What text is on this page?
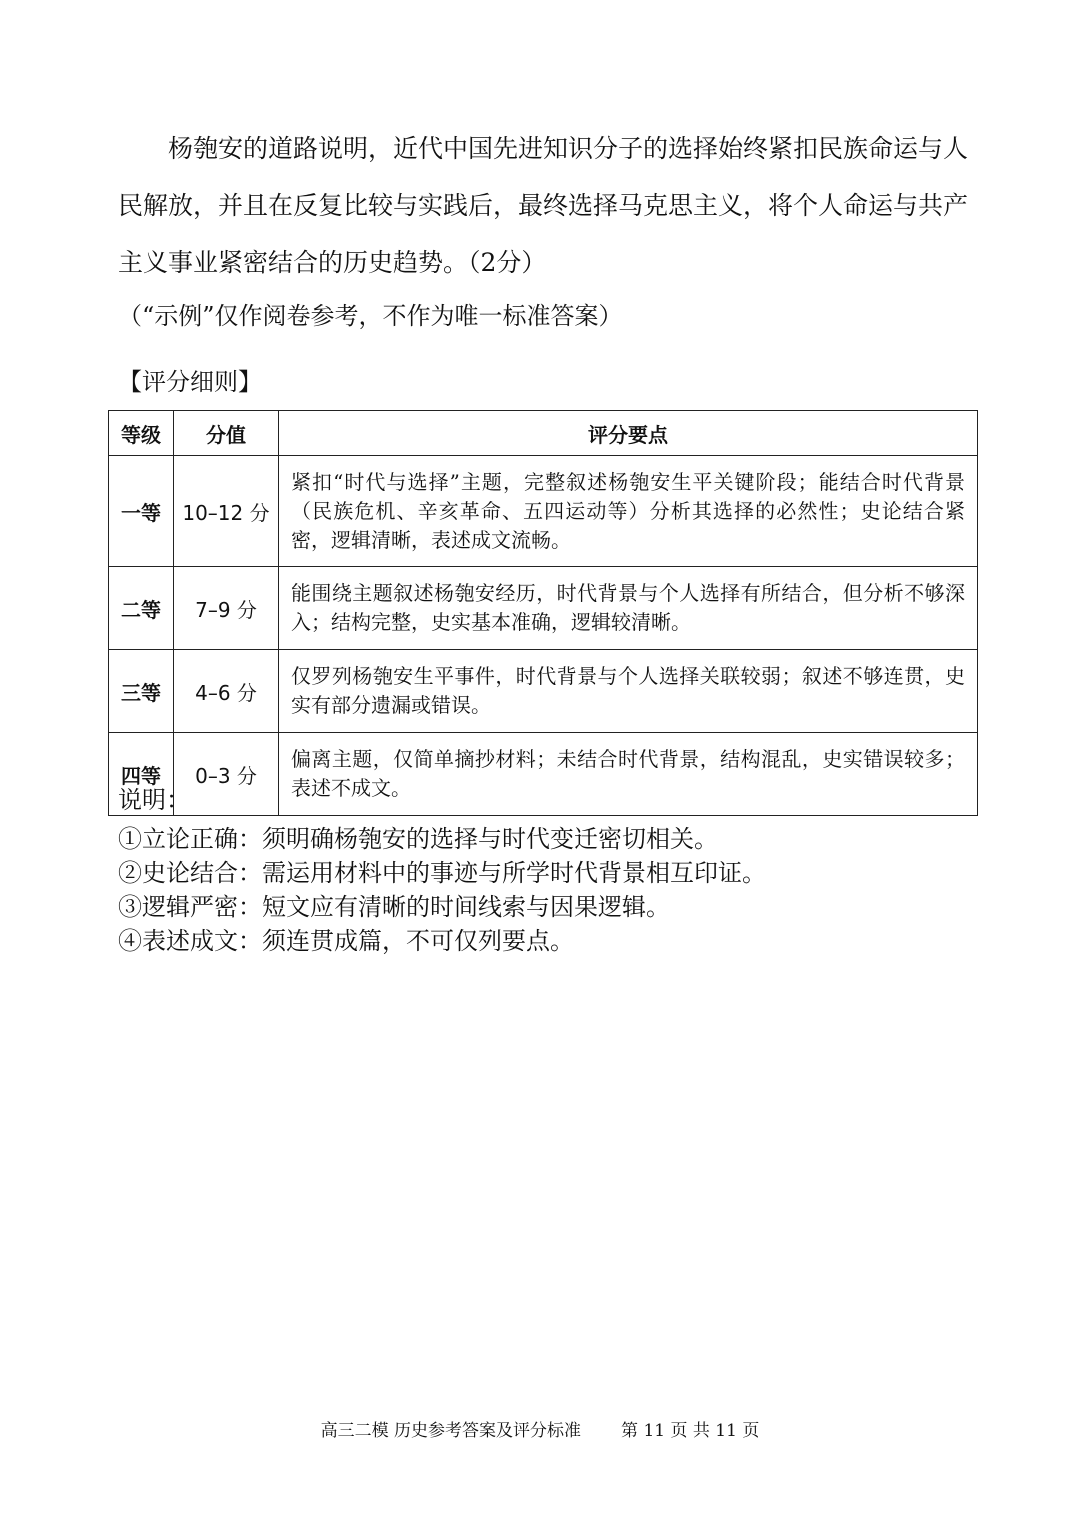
杨匏安的道路说明，近代中国先进知识分子的选择始终紧扣民族命运与人民解放，并且在反复比较与实践后，最终选择马克思主义，将个人命运与共产主义事业紧密结合的历史趋势。（2分）

（“示例”仅作阅卷参考，不作为唯一标准答案）

【评分细则】

等级	分值	评分要点
一等	10–12 分	紧扣“时代与选择”主题，完整叙述杨匏安生平关键阶段；能结合时代背景（民族危机、辛亥革命、五四运动等）分析其选择的必然性；史论结合紧密，逻辑清晰，表述成文流畅。
二等	7–9 分	能围绕主题叙述杨匏安经历，时代背景与个人选择有所结合，但分析不够深入；结构完整，史实基本准确，逻辑较清晰。
三等	4–6 分	仅罗列杨匏安生平事件，时代背景与个人选择关联较弱；叙述不够连贯，史实有部分遗漏或错误。
四等	0–3 分	偏离主题，仅简单摘抄材料；未结合时代背景，结构混乱，史实错误较多；表述不成文。

说明：

①立论正确：须明确杨匏安的选择与时代变迁密切相关。
②史论结合：需运用材料中的事迹与所学时代背景相互印证。
③逻辑严密：短文应有清晰的时间线索与因果逻辑。
④表述成文：须连贯成篇，不可仅列要点。
高三二模 历史参考答案及评分标准 第 11 页 共 11 页
